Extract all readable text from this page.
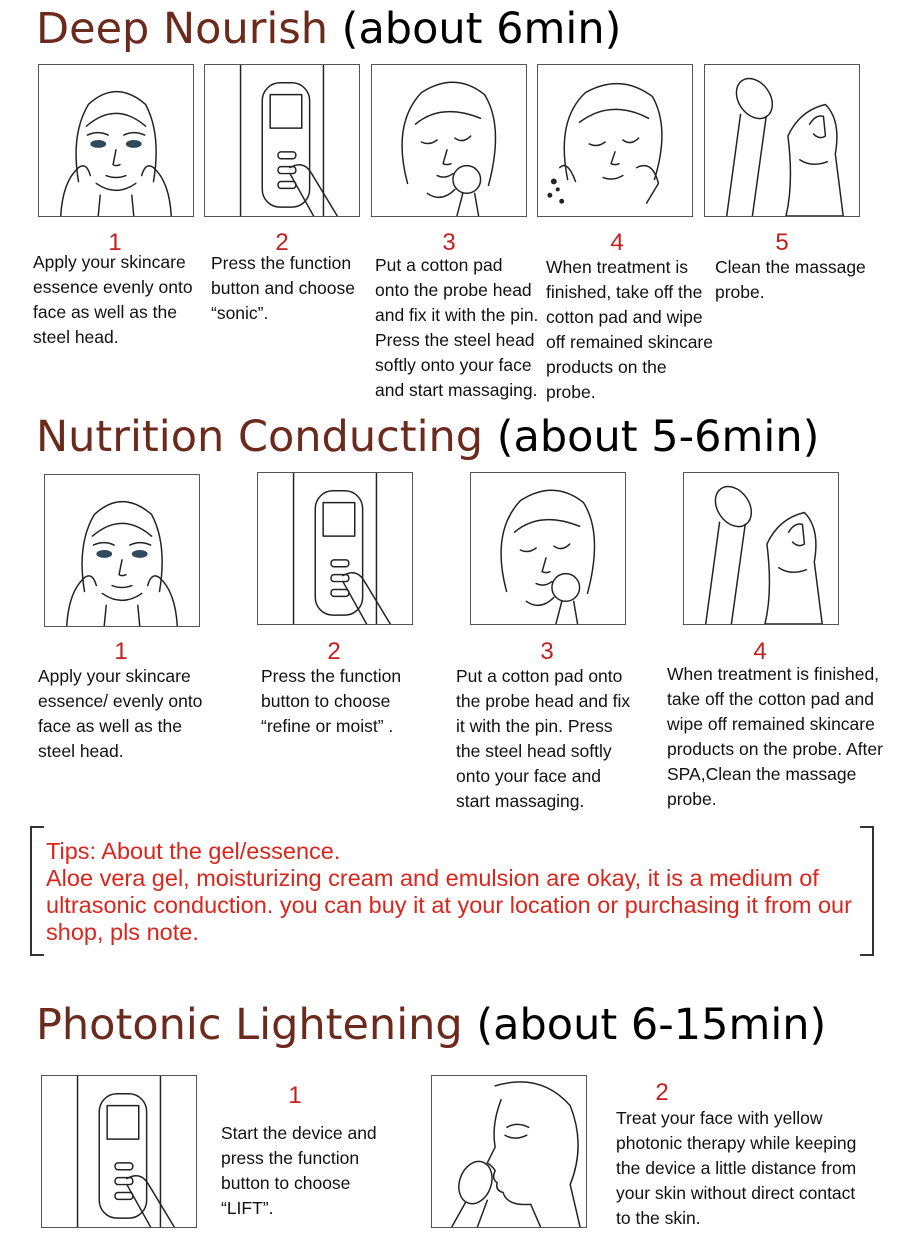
Deep Nourish (about 6min)
1	2	3	4	5
Apply your skincare
essence evenly onto
face as well as the
steel head.
Press the function
button and choose
“sonic”.
Put a cotton pad
onto the probe head
and fix it with the pin.
Press the steel head
softly onto your face
and start massaging.
When treatment is
finished, take off the
cotton pad and wipe
off remained skincare
products on the probe.
Clean the massage
probe.
Nutrition Conducting (about 5-6min)
1	2	3	4
Apply your skincare
essence/ evenly onto
face as well as the
steel head.
Press the function
button to choose
“refine or moist” .
Put a cotton pad onto
the probe head and fix
it with the pin. Press
the steel head softly
onto your face and
start massaging.
When treatment is finished,
take off the cotton pad and
wipe off remained skincare
products on the probe. After
SPA,Clean the massage
probe.
Tips: About the gel/essence.
Aloe vera gel, moisturizing cream and emulsion are okay, it is a medium of ultrasonic conduction. you can buy it at your location or purchasing it from our shop, pls note.
Photonic Lightening (about 6-15min)
1	2
Start the device and
press the function
button to choose
“LIFT”.
Treat your face with yellow
photonic therapy while keeping
the device a little distance from
your skin without direct contact
to the skin.
